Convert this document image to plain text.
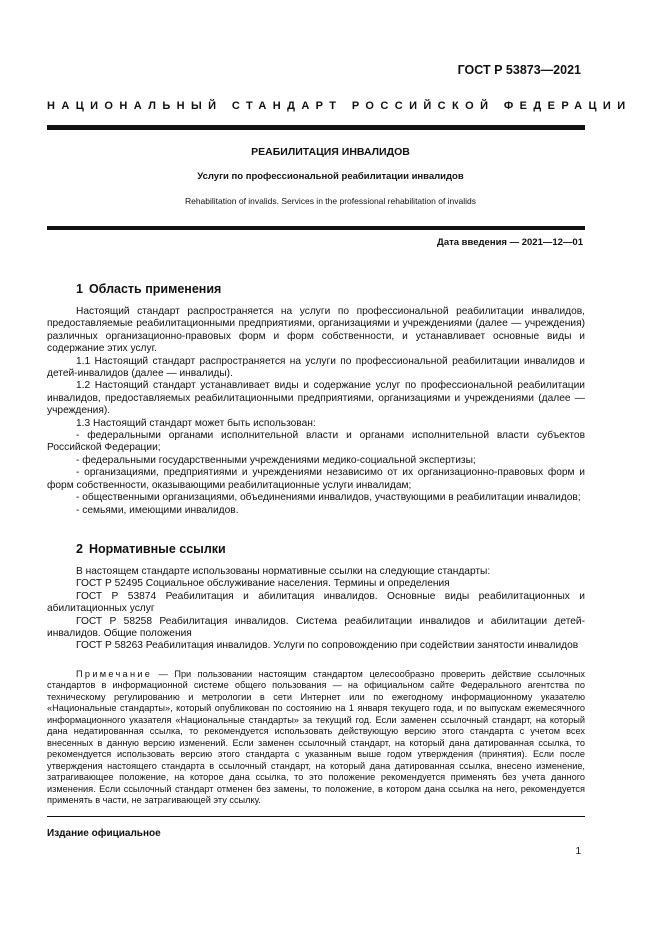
ГОСТ Р 53873—2021
НАЦИОНАЛЬНЫЙ СТАНДАРТ РОССИЙСКОЙ ФЕДЕРАЦИИ
РЕАБИЛИТАЦИЯ ИНВАЛИДОВ
Услуги по профессиональной реабилитации инвалидов
Rehabilitation of invalids. Services in the professional rehabilitation of invalids
Дата введения — 2021—12—01
1 Область применения

Настоящий стандарт распространяется на услуги по профессиональной реабилитации инвалидов, предоставляемые реабилитационными предприятиями, организациями и учреждениями (далее — учреждения) различных организационно-правовых форм и форм собственности, и устанавливает основные виды и содержание этих услуг.

1.1 Настоящий стандарт распространяется на услуги по профессиональной реабилитации инвалидов и детей-инвалидов (далее — инвалиды).

1.2 Настоящий стандарт устанавливает виды и содержание услуг по профессиональной реабилитации инвалидов, предоставляемых реабилитационными предприятиями, организациями и учреждениями (далее — учреждения).

1.3 Настоящий стандарт может быть использован:

- федеральными органами исполнительной власти и органами исполнительной власти субъектов Российской Федерации;

- федеральными государственными учреждениями медико-социальной экспертизы;

- организациями, предприятиями и учреждениями независимо от их организационно-правовых форм и форм собственности, оказывающими реабилитационные услуги инвалидам;

- общественными организациями, объединениями инвалидов, участвующими в реабилитации инвалидов;

- семьями, имеющими инвалидов.

2 Нормативные ссылки

В настоящем стандарте использованы нормативные ссылки на следующие стандарты:

ГОСТ Р 52495 Социальное обслуживание населения. Термины и определения

ГОСТ Р 53874 Реабилитация и абилитация инвалидов. Основные виды реабилитационных и абилитационных услуг

ГОСТ Р 58258 Реабилитация инвалидов. Система реабилитации инвалидов и абилитации детей-инвалидов. Общие положения

ГОСТ Р 58263 Реабилитация инвалидов. Услуги по сопровождению при содействии занятости инвалидов

Примечание — При пользовании настоящим стандартом целесообразно проверить действие ссылочных стандартов в информационной системе общего пользования — на официальном сайте Федерального агентства по техническому регулированию и метрологии в сети Интернет или по ежегодному информационному указателю «Национальные стандарты», который опубликован по состоянию на 1 января текущего года, и по выпускам ежемесячного информационного указателя «Национальные стандарты» за текущий год. Если заменен ссылочный стандарт, на который дана недатированная ссылка, то рекомендуется использовать действующую версию этого стандарта с учетом всех внесенных в данную версию изменений. Если заменен ссылочный стандарт, на который дана датированная ссылка, то рекомендуется использовать версию этого стандарта с указанным выше годом утверждения (принятия). Если после утверждения настоящего стандарта в ссылочный стандарт, на который дана датированная ссылка, внесено изменение, затрагивающее положение, на которое дана ссылка, то это положение рекомендуется применять без учета данного изменения. Если ссылочный стандарт отменен без замены, то положение, в котором дана ссылка на него, рекомендуется применять в части, не затрагивающей эту ссылку.

Издание официальное
1
